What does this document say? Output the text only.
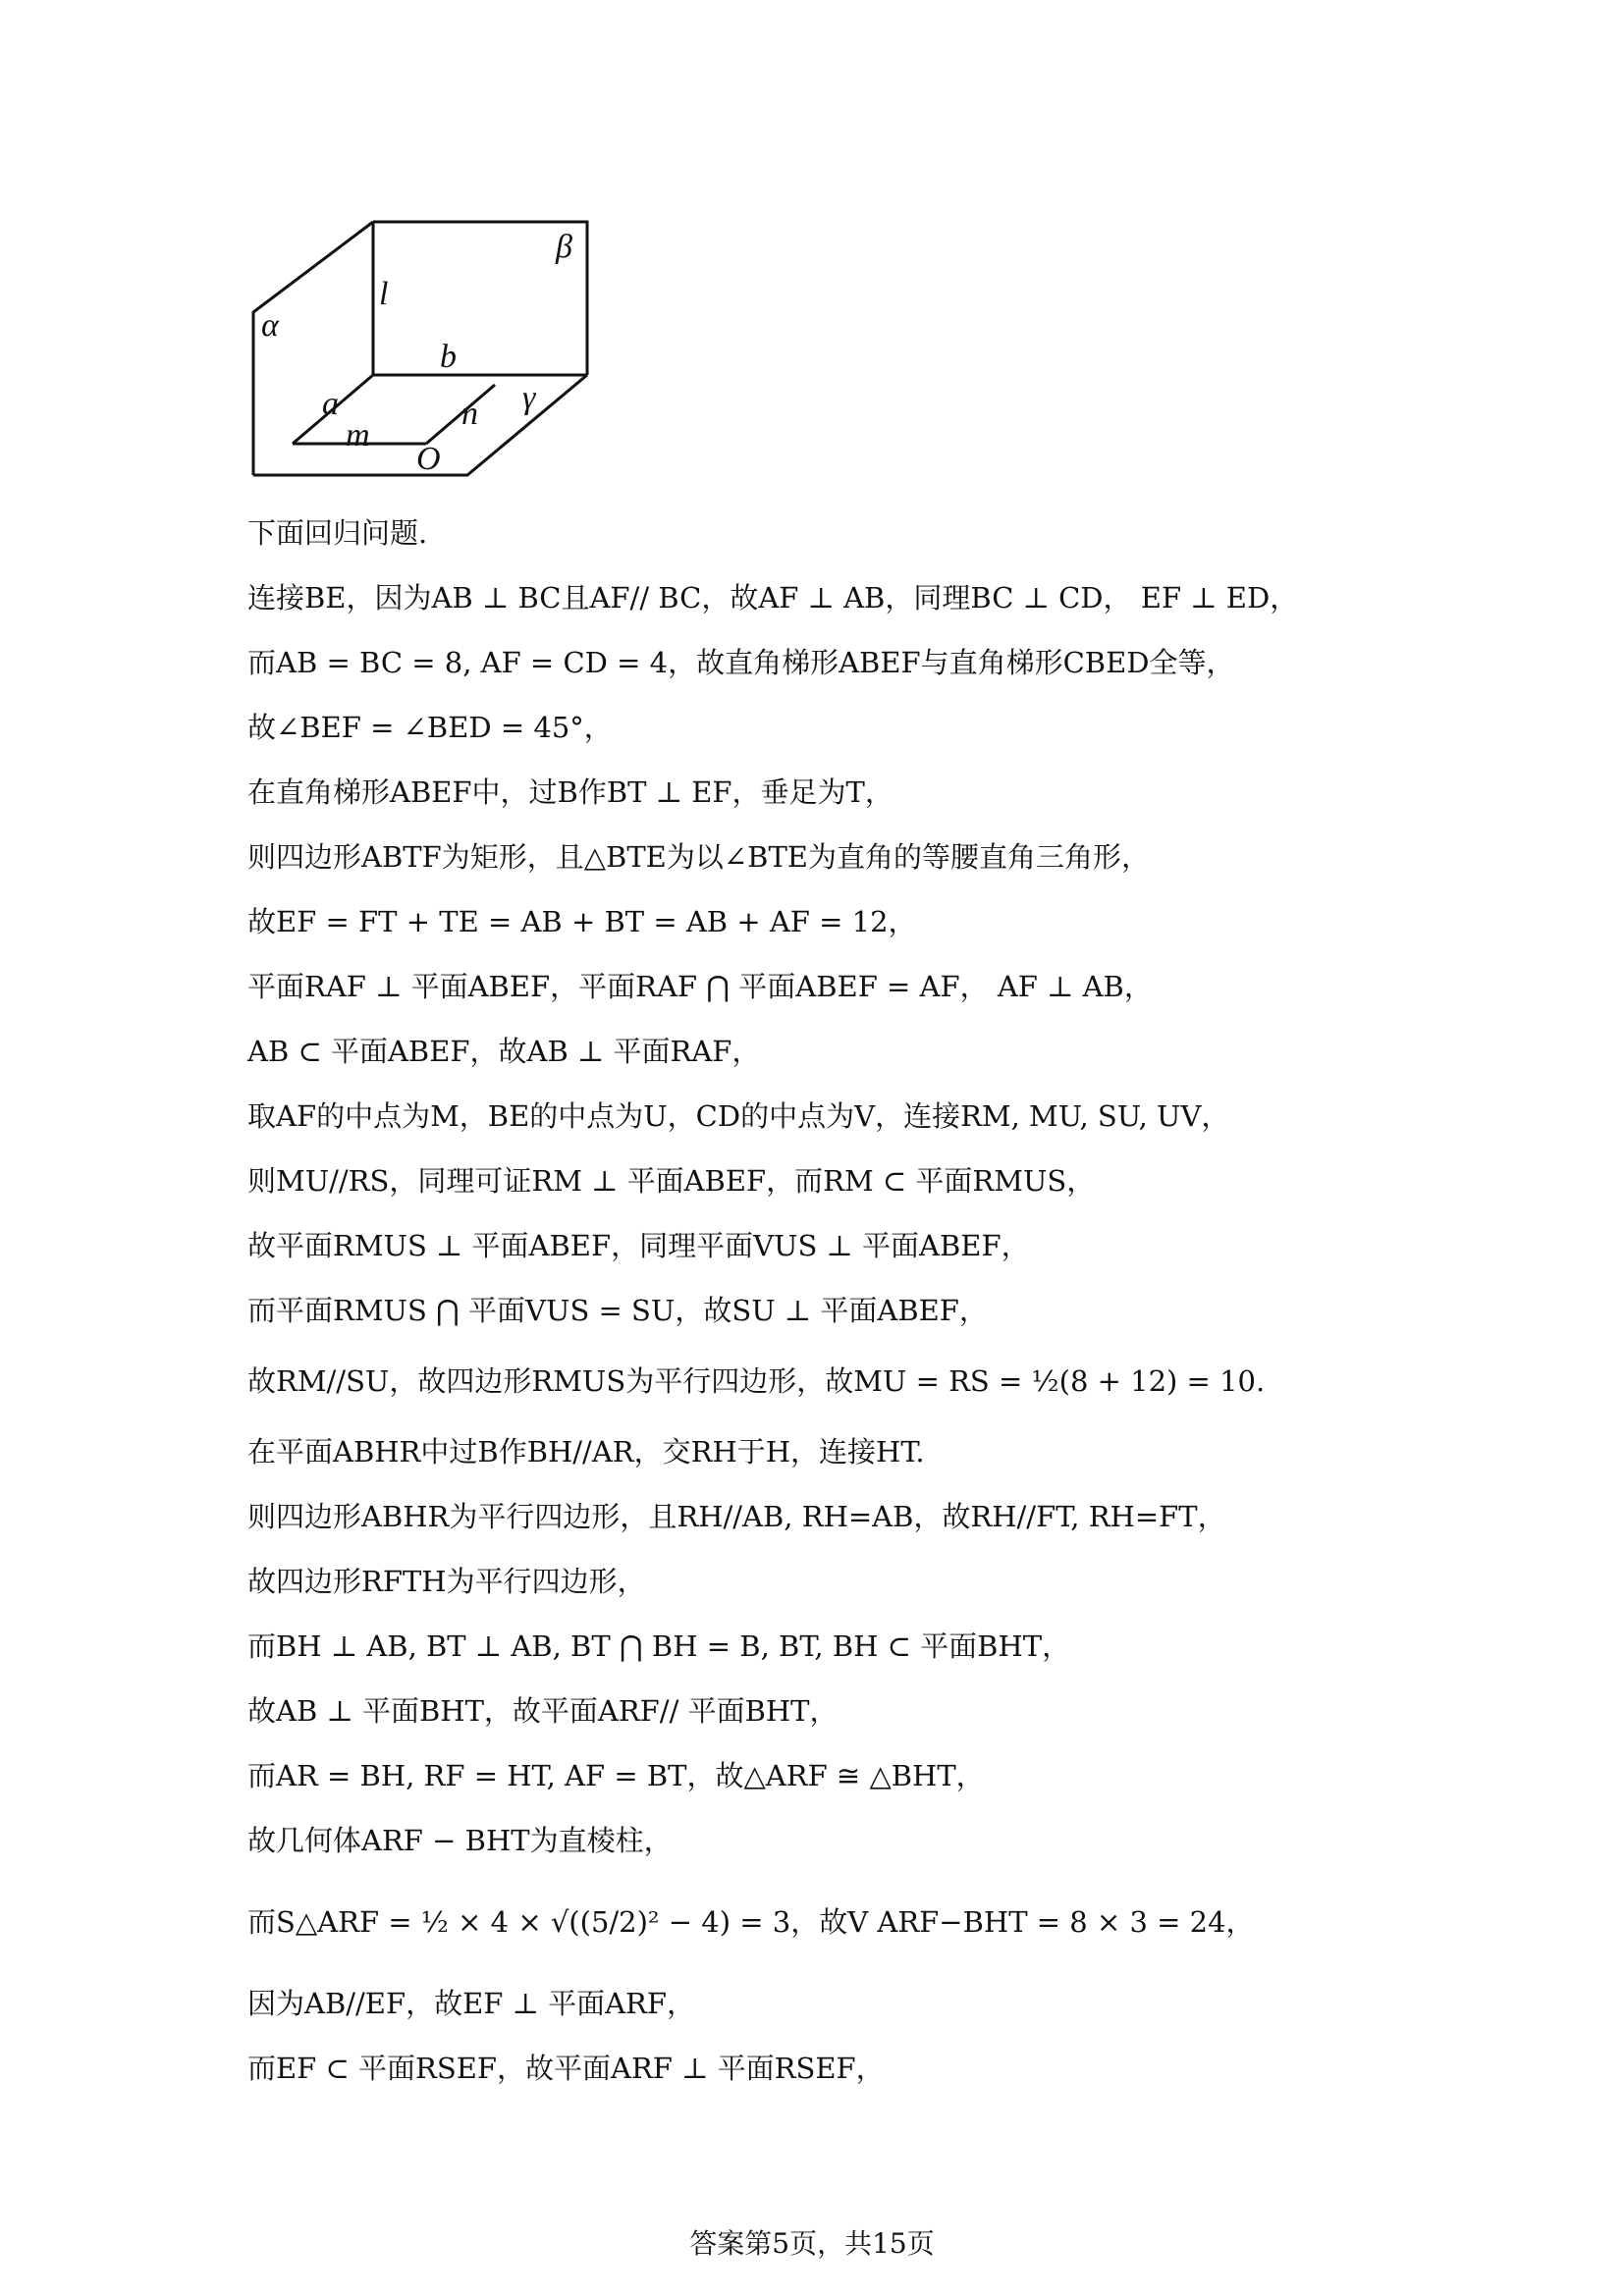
β
α
l
b
a	n γ
m
O
下面回归问题.
连接BE，因为AB ⊥ BC且AF// BC，故AF ⊥ AB，同理BC ⊥ CD， EF ⊥ ED，
而AB = BC = 8, AF = CD = 4，故直角梯形ABEF与直角梯形CBED全等，
故∠BEF = ∠BED = 45°，
在直角梯形ABEF中，过B作BT ⊥ EF，垂足为T，
则四边形ABTF为矩形，且△BTE为以∠BTE为直角的等腰直角三角形，
故EF = FT + TE = AB + BT = AB + AF = 12，
平面RAF ⊥ 平面ABEF，平面RAF ⋂ 平面ABEF = AF， AF ⊥ AB，
AB ⊂ 平面ABEF，故AB ⊥ 平面RAF，
取AF的中点为M，BE的中点为U，CD的中点为V，连接RM, MU, SU, UV，
则MU//RS，同理可证RM ⊥ 平面ABEF，而RM ⊂ 平面RMUS，
故平面RMUS ⊥ 平面ABEF，同理平面VUS ⊥ 平面ABEF，
而平面RMUS ⋂ 平面VUS = SU，故SU ⊥ 平面ABEF，
故RM//SU，故四边形RMUS为平行四边形，故MU = RS = ½(8 + 12) = 10.
在平面ABHR中过B作BH//AR，交RH于H，连接HT.
则四边形ABHR为平行四边形，且RH//AB, RH=AB，故RH//FT, RH=FT，
故四边形RFTH为平行四边形，
而BH ⊥ AB, BT ⊥ AB, BT ⋂ BH = B, BT, BH ⊂ 平面BHT，
故AB ⊥ 平面BHT，故平面ARF// 平面BHT，
而AR = BH, RF = HT, AF = BT，故△ARF ≅ △BHT，
故几何体ARF − BHT为直棱柱，
而S△ARF = ½ × 4 × √((5/2)² − 4) = 3，故V ARF−BHT = 8 × 3 = 24，
因为AB//EF，故EF ⊥ 平面ARF，
而EF ⊂ 平面RSEF，故平面ARF ⊥ 平面RSEF，
答案第5页，共15页
